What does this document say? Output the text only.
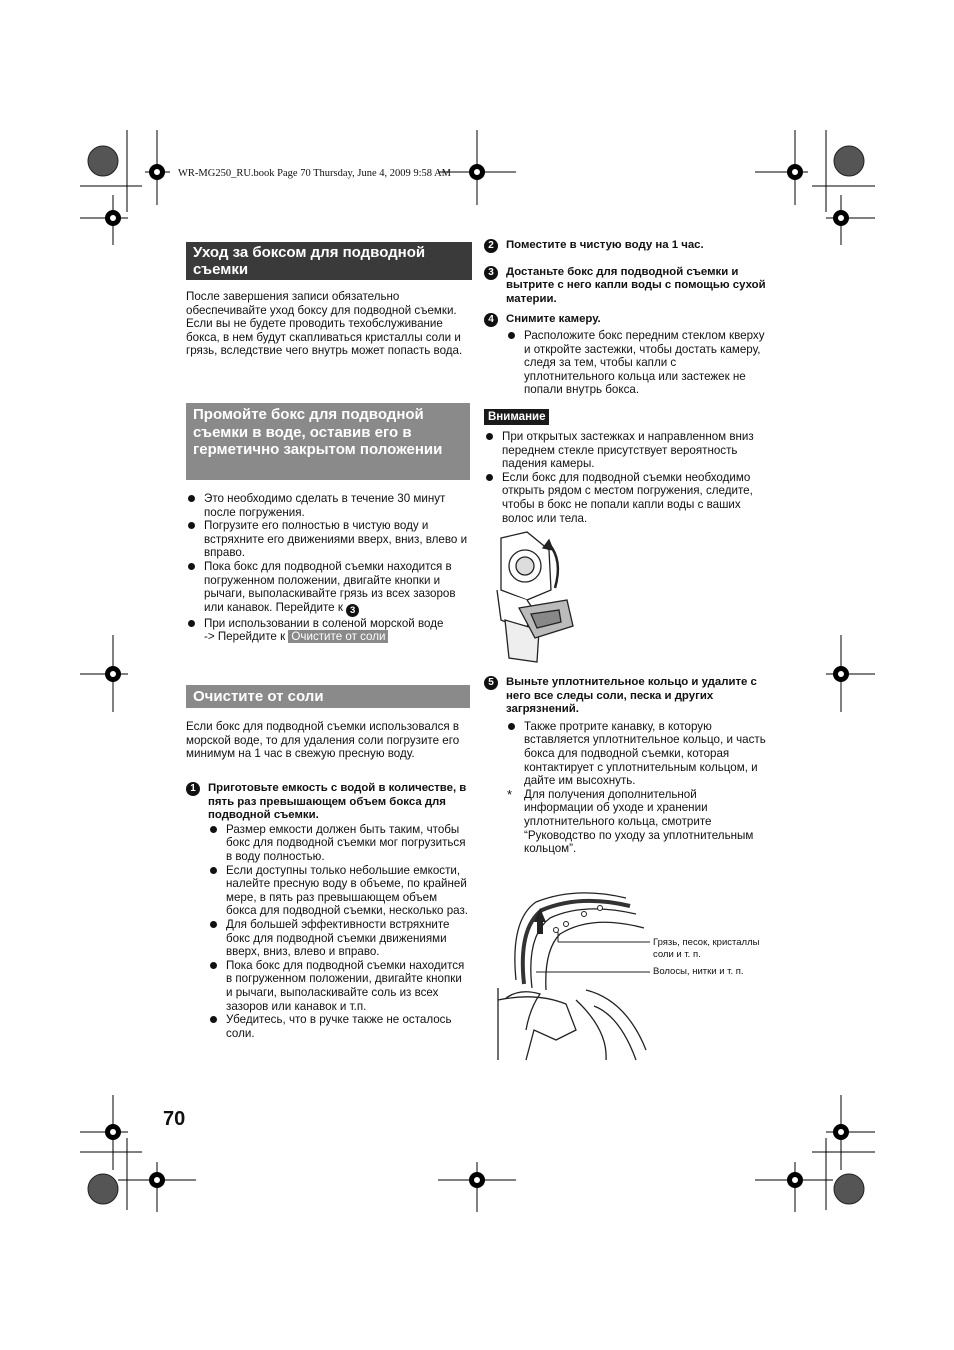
WR-MG250_RU.book Page 70 Thursday, June 4, 2009 9:58 AM
Уход за боксом для подводной съемки
После завершения записи обязательно обеспечивайте уход боксу для подводной съемки.
Если вы не будете проводить техобслуживание бокса, в нем будут скапливаться кристаллы соли и грязь, вследствие чего внутрь может попасть вода.
Промойте бокс для подводной съемки в воде, оставив его в герметично закрытом положении
Это необходимо сделать в течение 30 минут после погружения.
Погрузите его полностью в чистую воду и встряхните его движениями вверх, вниз, влево и вправо.
Пока бокс для подводной съемки находится в погруженном положении, двигайте кнопки и рычаги, выполаскивайте грязь из всех зазоров или канавок. Перейдите к 3
При использовании в соленой морской воде
-> Перейдите к Очистите от соли
Очистите от соли
Если бокс для подводной съемки использовался в морской воде, то для удаления соли погрузите его минимум на 1 час в свежую пресную воду.
1	Приготовьте емкость с водой в количестве, в пять раз превышающем объем бокса для подводной съемки.
Размер емкости должен быть таким, чтобы бокс для подводной съемки мог погрузиться в воду полностью.
Если доступны только небольшие емкости, налейте пресную воду в объеме, по крайней мере, в пять раз превышающем объем бокса для подводной съемки, несколько раз.
Для большей эффективности встряхните бокс для подводной съемки движениями вверх, вниз, влево и вправо.
Пока бокс для подводной съемки находится в погруженном положении, двигайте кнопки и рычаги, выполаскивайте соль из всех зазоров или канавок и т.п.
Убедитесь, что в ручке также не осталось соли.
70
2	Поместите в чистую воду на 1 час.
3	Достаньте бокс для подводной съемки и вытрите с него капли воды с помощью сухой материи.
4	Снимите камеру.
Расположите бокс передним стеклом кверху и откройте застежки, чтобы достать камеру, следя за тем, чтобы капли с уплотнительного кольца или застежек не попали внутрь бокса.
Внимание
При открытых застежках и направленном вниз переднем стекле присутствует вероятность падения камеры.
Если бокс для подводной съемки необходимо открыть рядом с местом погружения, следите, чтобы в бокс не попали капли воды с ваших волос или тела.
5	Выньте уплотнительное кольцо и удалите с него все следы соли, песка и других загрязнений.
Также протрите канавку, в которую вставляется уплотнительное кольцо, и часть бокса для подводной съемки, которая контактирует с уплотнительным кольцом, и дайте им высохнуть.
* Для получения дополнительной информации об уходе и хранении уплотнительного кольца, смотрите “Руководство по уходу за уплотнительным кольцом”.
Грязь, песок, кристаллы соли и т. п.
Волосы, нитки и т. п.
